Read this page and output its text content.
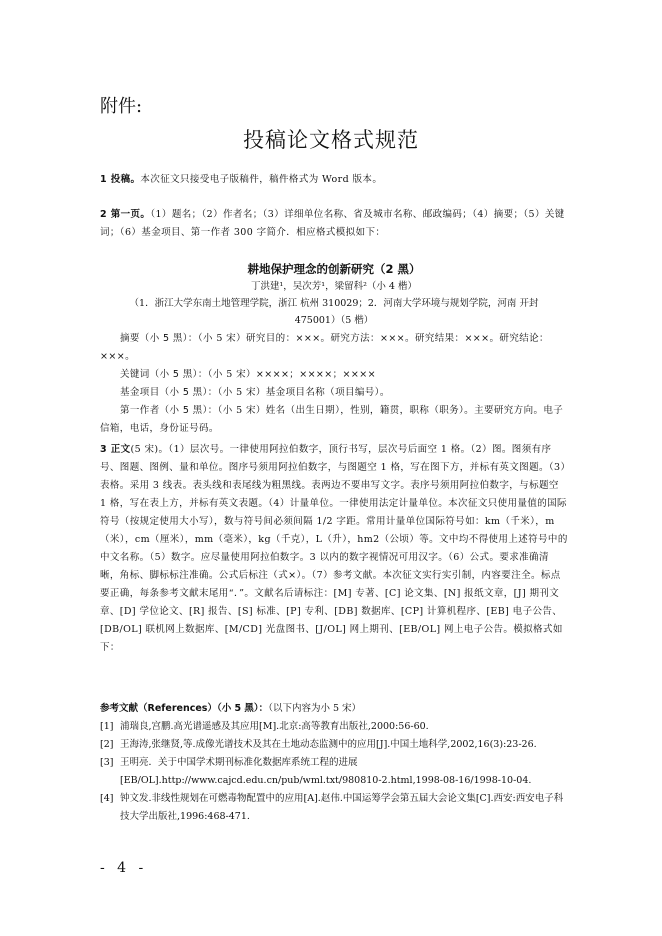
附件:
投稿论文格式规范
1 投稿。本次征文只接受电子版稿件，稿件格式为 Word 版本。
2 第一页。（1）题名；（2）作者名；（3）详细单位名称、省及城市名称、邮政编码；（4）摘要；（5）关键词；（6）基金项目、第一作者 300 字简介．相应格式模拟如下：
耕地保护理念的创新研究（2 黑）
丁洪建¹，吴次芳¹，梁留科²（小 4 楷）
（1．浙江大学东南土地管理学院，浙江 杭州 310029；2．河南大学环境与规划学院，河南 开封 475001）（5 楷）
摘要（小 5 黑）：（小 5 宋）研究目的：×××。研究方法：×××。研究结果：×××。研究结论：×××。
关键词（小 5 黑）：（小 5 宋）××××；××××；××××
基金项目（小 5 黑）：（小 5 宋）基金项目名称（项目编号）。
第一作者（小 5 黑）：（小 5 宋）姓名（出生日期），性别，籍贯，职称（职务）。主要研究方向。电子信箱，电话，身份证号码。
3 正文(5 宋)。（1）层次号。一律使用阿拉伯数字，顶行书写，层次号后面空 1 格。（2）图。图须有序号、图题、图例、量和单位。图序号须用阿拉伯数字，与图题空 1 格，写在图下方，并标有英文图题。（3）表格。采用 3 线表。表头线和表尾线为粗黑线。表两边不要串写文字。表序号须用阿拉伯数字，与标题空 1 格，写在表上方，并标有英文表题。（4）计量单位。一律使用法定计量单位。本次征文只使用量值的国际符号（按规定使用大小写），数与符号间必须间隔 1/2 字距。常用计量单位国际符号如：km（千米），m（米），cm（厘米），mm（毫米），kg（千克），L（升），hm2（公顷）等。文中均不得使用上述符号中的中文名称。（5）数字。应尽量使用阿拉伯数字。3 以内的数字视情况可用汉字。（6）公式。要求准确清晰，角标、脚标标注准确。公式后标注（式×）。（7）参考文献。本次征文实行实引制，内容要注全。标点要正确，每条参考文献末尾用“．”。文献名后请标注：[M] 专著、[C] 论文集、[N] 报纸文章，[J] 期刊文章、[D] 学位论文、[R] 报告、[S] 标准、[P] 专利、[DB] 数据库、[CP] 计算机程序、[EB] 电子公告、[DB/OL] 联机网上数据库、[M/CD] 光盘图书、[J/OL] 网上期刊、[EB/OL] 网上电子公告。模拟格式如下：
参考文献（References）（小 5 黑）：（以下内容为小 5 宋）
[1] 浦瑞良,宫鹏.高光谱遥感及其应用[M].北京:高等教育出版社,2000:56-60.
[2] 王海涛,张继贤,等.成像光谱技术及其在土地动态监测中的应用[J].中国土地科学,2002,16(3):23-26.
[3] 王明亮．关于中国学术期刊标准化数据库系统工程的进展[EB/OL].http://www.cajcd.edu.cn/pub/wml.txt/980810-2.html,1998-08-16/1998-10-04.
[4] 钟文发.非线性规划在可燃毒物配置中的应用[A].赵伟.中国运筹学会第五届大会论文集[C].西安:西安电子科技大学出版社,1996:468-471.
- 4 -
